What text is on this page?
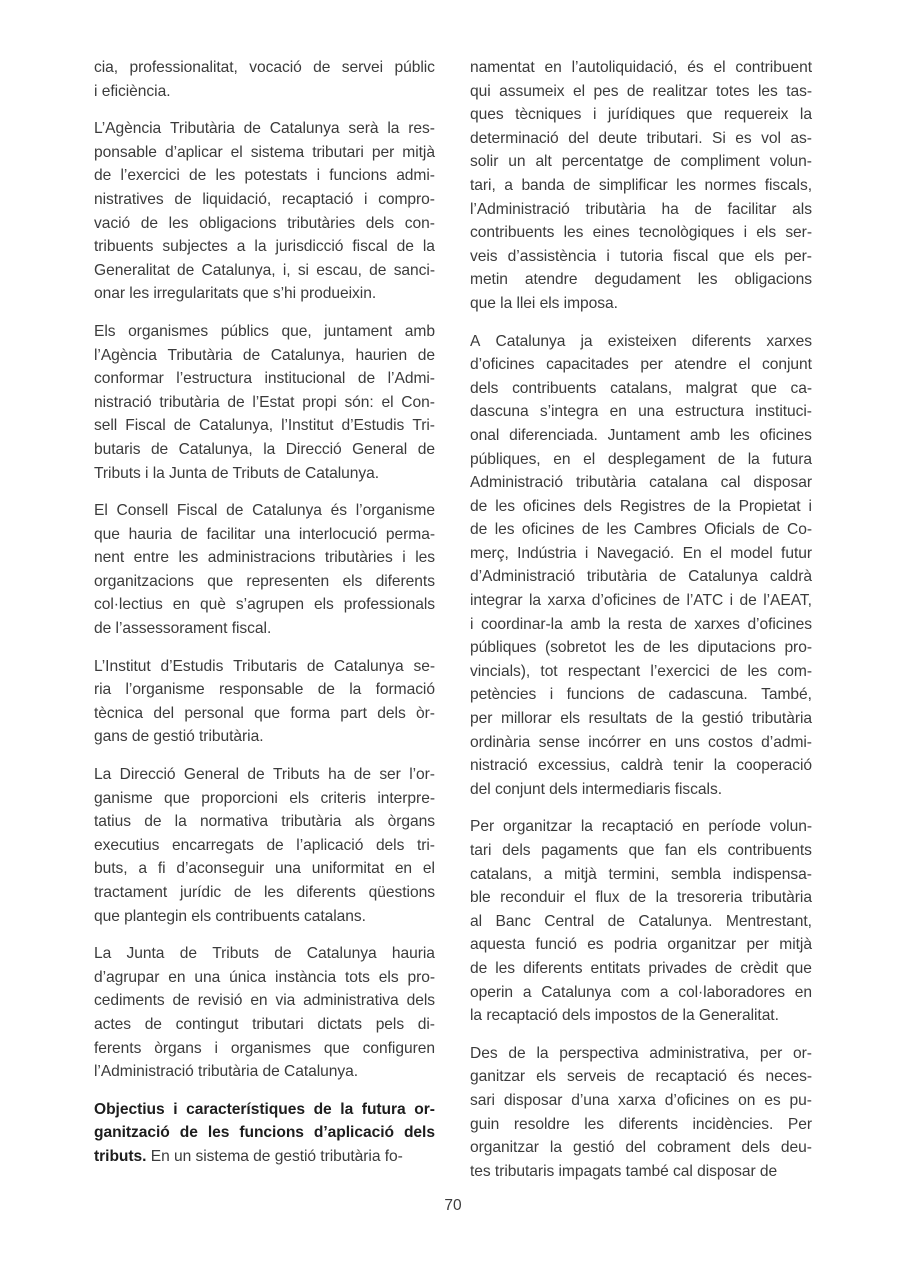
cia, professionalitat, vocació de servei públic
i eficiència.

L’Agència Tributària de Catalunya serà la res-
ponsable d’aplicar el sistema tributari per mitjà
de l’exercici de les potestats i funcions admi-
nistratives de liquidació, recaptació i compro-
vació de les obligacions tributàries dels con-
tribuents subjectes a la jurisdicció fiscal de la
Generalitat de Catalunya, i, si escau, de sanci-
onar les irregularitats que s’hi produeixin.

Els organismes públics que, juntament amb
l’Agència Tributària de Catalunya, haurien de
conformar l’estructura institucional de l’Admi-
nistració tributària de l’Estat propi són: el Con-
sell Fiscal de Catalunya, l’Institut d’Estudis Tri-
butaris de Catalunya, la Direcció General de
Tributs i la Junta de Tributs de Catalunya.

El Consell Fiscal de Catalunya és l’organisme
que hauria de facilitar una interlocució perma-
nent entre les administracions tributàries i les
organitzacions que representen els diferents
col·lectius en què s’agrupen els professionals
de l’assessorament fiscal.

L’Institut d’Estudis Tributaris de Catalunya se-
ria l’organisme responsable de la formació
tècnica del personal que forma part dels òr-
gans de gestió tributària.

La Direcció General de Tributs ha de ser l’or-
ganisme que proporcioni els criteris interpre-
tatius de la normativa tributària als òrgans
executius encarregats de l’aplicació dels tri-
buts, a fi d’aconseguir una uniformitat en el
tractament jurídic de les diferents qüestions
que plantegin els contribuents catalans.

La Junta de Tributs de Catalunya hauria
d’agrupar en una única instància tots els pro-
cediments de revisió en via administrativa dels
actes de contingut tributari dictats pels di-
ferents òrgans i organismes que configuren
l’Administració tributària de Catalunya.

Objectius i característiques de la futura or-
ganització de les funcions d’aplicació dels
tributs. En un sistema de gestió tributària fo-

namentat en l’autoliquidació, és el contribuent
qui assumeix el pes de realitzar totes les tas-
ques tècniques i jurídiques que requereix la
determinació del deute tributari. Si es vol as-
solir un alt percentatge de compliment volun-
tari, a banda de simplificar les normes fiscals,
l’Administració tributària ha de facilitar als
contribuents les eines tecnològiques i els ser-
veis d’assistència i tutoria fiscal que els per-
metin atendre degudament les obligacions
que la llei els imposa.

A Catalunya ja existeixen diferents xarxes
d’oficines capacitades per atendre el conjunt
dels contribuents catalans, malgrat que ca-
dascuna s’integra en una estructura instituci-
onal diferenciada. Juntament amb les oficines
públiques, en el desplegament de la futura
Administració tributària catalana cal disposar
de les oficines dels Registres de la Propietat i
de les oficines de les Cambres Oficials de Co-
merç, Indústria i Navegació. En el model futur
d’Administració tributària de Catalunya caldrà
integrar la xarxa d’oficines de l’ATC i de l’AEAT,
i coordinar-la amb la resta de xarxes d’oficines
públiques (sobretot les de les diputacions pro-
vincials), tot respectant l’exercici de les com-
petències i funcions de cadascuna. També,
per millorar els resultats de la gestió tributària
ordinària sense incórrer en uns costos d’admi-
nistració excessius, caldrà tenir la cooperació
del conjunt dels intermediaris fiscals.

Per organitzar la recaptació en període volun-
tari dels pagaments que fan els contribuents
catalans, a mitjà termini, sembla indispensa-
ble reconduir el flux de la tresoreria tributària
al Banc Central de Catalunya. Mentrestant,
aquesta funció es podria organitzar per mitjà
de les diferents entitats privades de crèdit que
operin a Catalunya com a col·laboradores en
la recaptació dels impostos de la Generalitat.

Des de la perspectiva administrativa, per or-
ganitzar els serveis de recaptació és neces-
sari disposar d’una xarxa d’oficines on es pu-
guin resoldre les diferents incidències. Per
organitzar la gestió del cobrament dels deu-
tes tributaris impagats també cal disposar de

70
